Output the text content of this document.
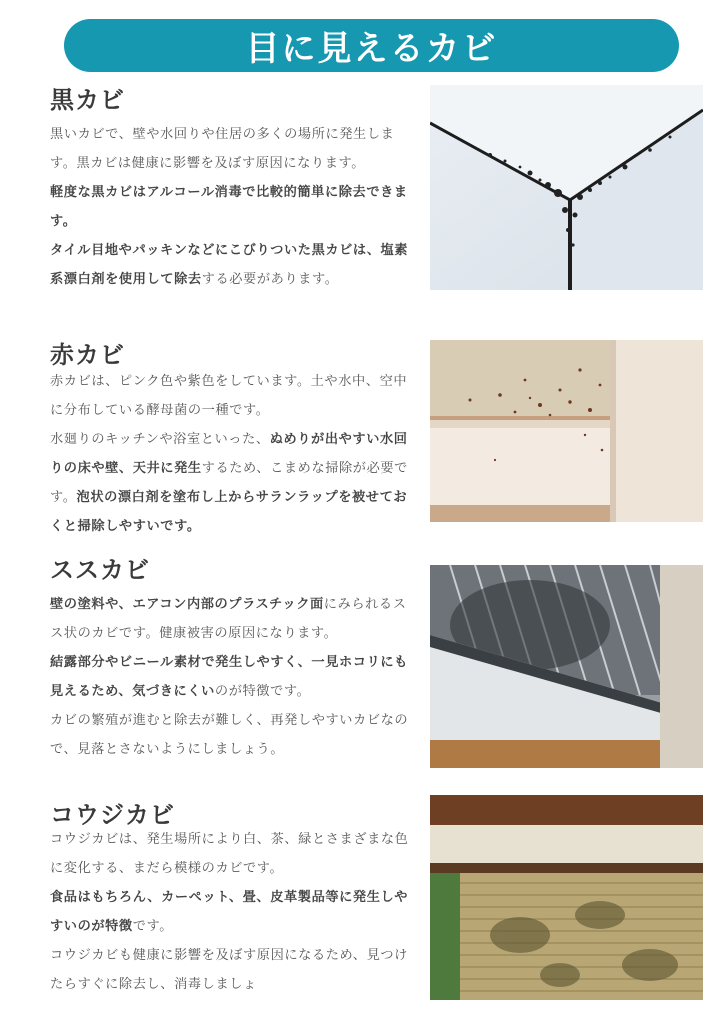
目に見えるカビ
黒カビ

黒いカビで、壁や水回りや住居の多くの場所に発生します。黒カビは健康に影響を及ぼす原因になります。

軽度な黒カビはアルコール消毒で比較的簡単に除去できます。

タイル目地やパッキンなどにこびりついた黒カビは、塩素系漂白剤を使用して除去する必要があります。

赤カビ

赤カビは、ピンク色や紫色をしています。土や水中、空中に分布している酵母菌の一種です。

水廻りのキッチンや浴室といった、ぬめりが出やすい水回りの床や壁、天井に発生するため、こまめな掃除が必要です。泡状の漂白剤を塗布し上からサランラップを被せておくと掃除しやすいです。

ススカビ

壁の塗料や、エアコン内部のプラスチック面にみられるスス状のカビです。健康被害の原因になります。

結露部分やビニール素材で発生しやすく、一見ホコリにも見えるため、気づきにくいのが特徴です。

カビの繁殖が進むと除去が難しく、再発しやすいカビなので、見落とさないようにしましょう。

コウジカビ

コウジカビは、発生場所により白、茶、緑とさまざまな色に変化する、まだら模様のカビです。

食品はもちろん、カーペット、畳、皮革製品等に発生しやすいのが特徴です。

コウジカビも健康に影響を及ぼす原因になるため、見つけたらすぐに除去し、消毒しましょ
